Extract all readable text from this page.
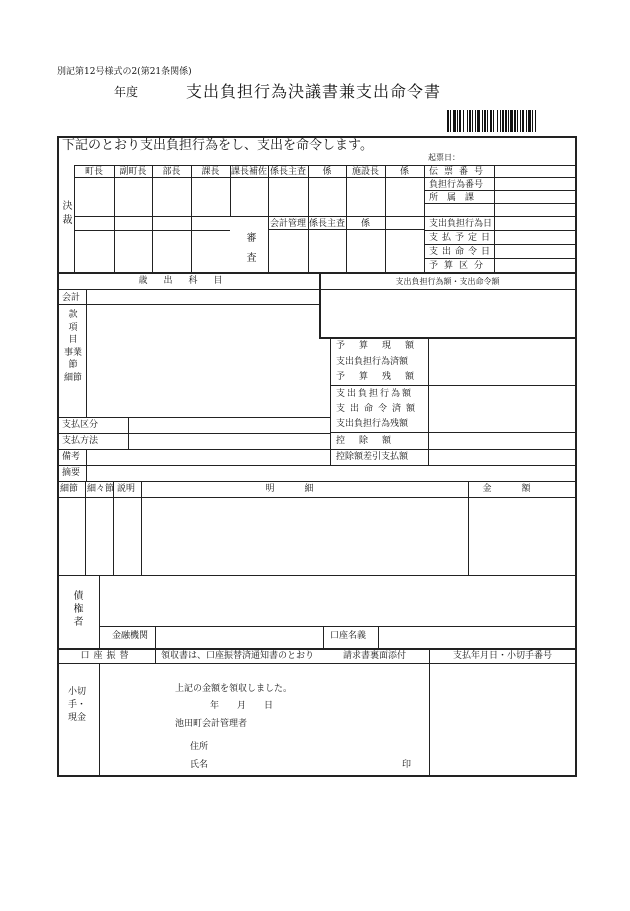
別記第12号様式の2(第21条関係)
年度	支出負担行為決議書兼支出命令書
下記のとおり支出負担行為をし、支出を命令します。
起票日：
決裁
町長	副町長	部長	課長	課長補佐 係長主査	係	施設長	係
審査
会計管理 係長主査	係
伝票番号
負担行為番号
所属課
支出負担行為日
支払予定日
支出命令日
予算区分
歳出科目	支出負担行為額・支出命令額
会計
款
項
目
事業
節
細節
予算現額
支出負担行為済額
予算残額
支出負担行為額
支出命令済額
支出負担行為残額
支払区分
支払方法	控除額
備考	控除額差引支払額
摘要
細節 細々節 説明	明細	金額
債権者
金融機関	口座名義
口座振替	領収書は、口座振替済通知書のとおり	請求書裏面添付	支払年月日・小切手番号
小切手・現金
上記の金額を領収しました。
年　　月　　日
池田町会計管理者
住所
氏名	印
